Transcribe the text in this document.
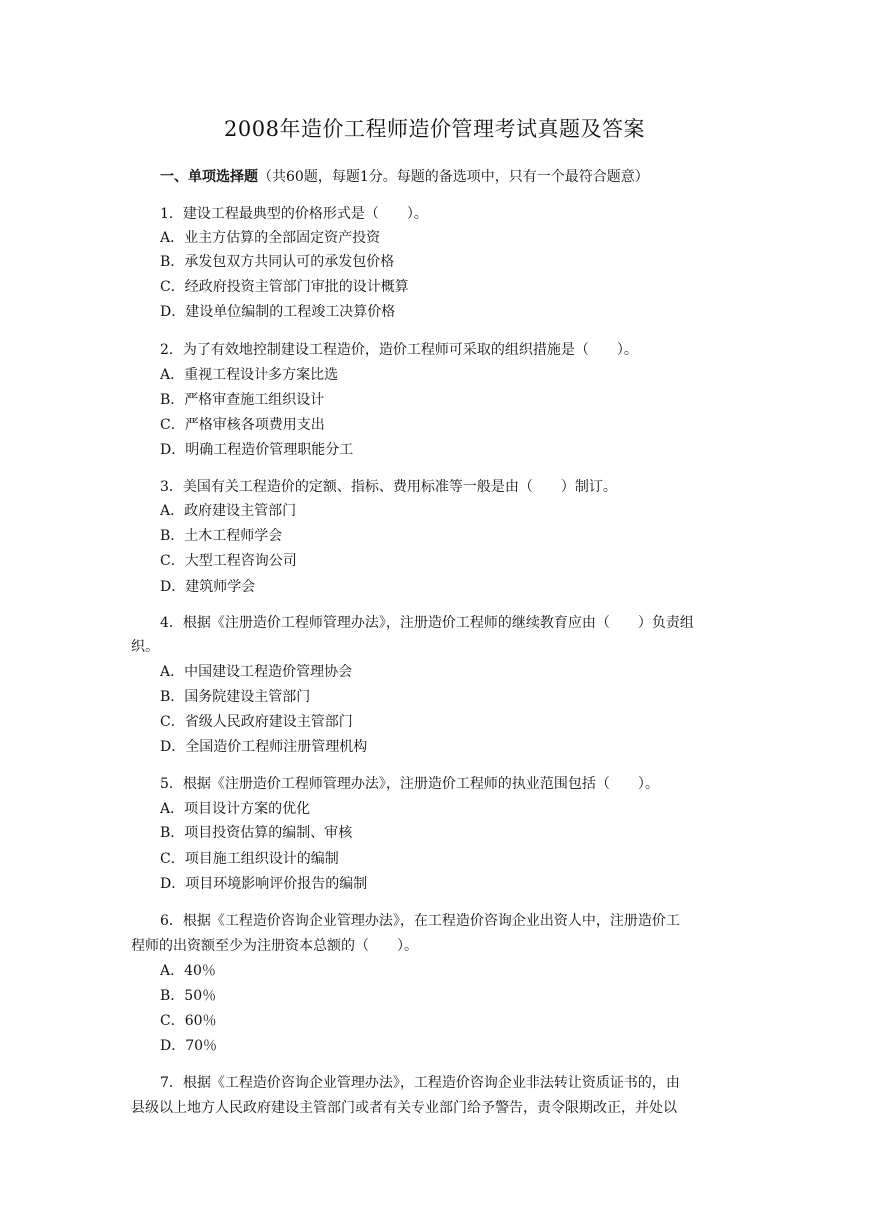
2008年造价工程师造价管理考试真题及答案
一、单项选择题（共60题，每题1分。每题的备选项中，只有一个最符合题意）
1．建设工程最典型的价格形式是（　　）。
A．业主方估算的全部固定资产投资
B．承发包双方共同认可的承发包价格
C．经政府投资主管部门审批的设计概算
D．建设单位编制的工程竣工决算价格
2．为了有效地控制建设工程造价，造价工程师可采取的组织措施是（　　）。
A．重视工程设计多方案比选
B．严格审查施工组织设计
C．严格审核各项费用支出
D．明确工程造价管理职能分工
3．美国有关工程造价的定额、指标、费用标准等一般是由（　　）制订。
A．政府建设主管部门
B．土木工程师学会
C．大型工程咨询公司
D．建筑师学会
4．根据《注册造价工程师管理办法》，注册造价工程师的继续教育应由（　　）负责组
织。
A．中国建设工程造价管理协会
B．国务院建设主管部门
C．省级人民政府建设主管部门
D．全国造价工程师注册管理机构
5．根据《注册造价工程师管理办法》，注册造价工程师的执业范围包括（　　）。
A．项目设计方案的优化
B．项目投资估算的编制、审核
C．项目施工组织设计的编制
D．项目环境影响评价报告的编制
6．根据《工程造价咨询企业管理办法》，在工程造价咨询企业出资人中，注册造价工
程师的出资额至少为注册资本总额的（　　）。
A．40％
B．50％
C．60％
D．70％
7．根据《工程造价咨询企业管理办法》，工程造价咨询企业非法转让资质证书的，由
县级以上地方人民政府建设主管部门或者有关专业部门给予警告，责令限期改正，并处以
